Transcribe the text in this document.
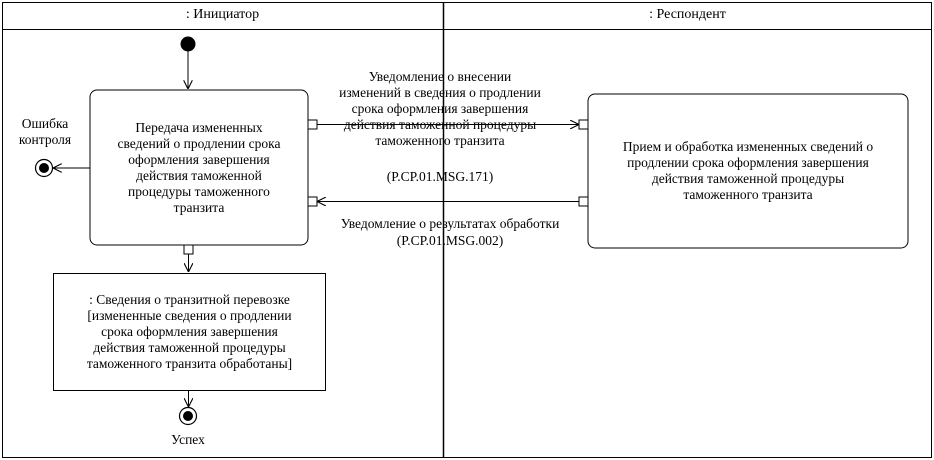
: Инициатор	: Респондент
Передача измененных
сведений о продлении срока
оформления завершения
действия таможенной
процедуры таможенного
транзита
Прием и обработка измененных сведений о
продлении срока оформления завершения
действия таможенной процедуры
таможенного транзита
: Сведения о транзитной перевозке
[измененные сведения о продлении
срока оформления завершения
действия таможенной процедуры
таможенного транзита обработаны]
Уведомление о внесении
изменений в сведения о продлении
срока оформления завершения
действия таможенной процедуры
таможенного транзита
(P.CP.01.MSG.171)
Уведомление о результатах обработки
(P.CP.01.MSG.002)
Ошибка
контроля
Успех
